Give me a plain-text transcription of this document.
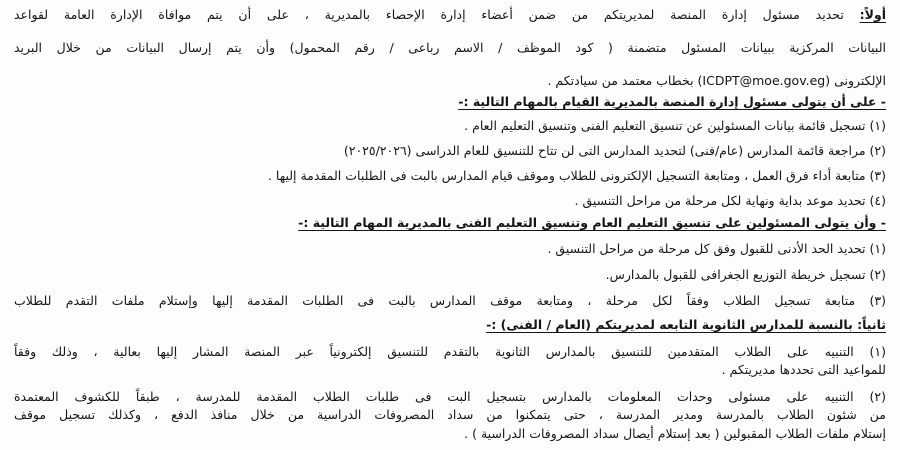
أولاً: تحديد مسئول إدارة المنصة لمديريتكم من ضمن أعضاء إدارة الإحصاء بالمديرية ، على أن يتم موافاة الإدارة العامة لقواعد
البيانات المركزية ببيانات المسئول متضمنة ( كود الموظف / الاسم رباعى / رقم المحمول) وأن يتم إرسال البيانات من خلال البريد
الإلكترونى (ICDPT@moe.gov.eg) بخطاب معتمد من سيادتكم .
- على أن يتولى مسئول إدارة المنصة بالمديرية القيام بالمهام التالية :-
(١) تسجيل قائمة بيانات المسئولين عن تنسيق التعليم الفنى وتنسيق التعليم العام .
(٢) مراجعة قائمة المدارس (عام/فنى) لتحديد المدارس التى لن تتاح للتنسيق للعام الدراسى (٢٠٢٥/٢٠٢٦)
(٣) متابعة أداء فرق العمل ، ومتابعة التسجيل الإلكترونى للطلاب وموقف قيام المدارس بالبت فى الطلبات المقدمة إليها .
(٤) تحديد موعد بداية ونهاية لكل مرحلة من مراحل التنسيق .
- وأن يتولى المسئولين على تنسيق التعليم العام وتنسيق التعليم الفنى بالمديرية المهام التالية :-
(١) تحديد الحد الأدنى للقبول وفق كل مرحلة من مراحل التنسيق .
(٢) تسجيل خريطة التوزيع الجغرافى للقبول بالمدارس.
(٣) متابعة تسجيل الطلاب وفقاً لكل مرحلة ، ومتابعة موقف المدارس بالبت فى الطلبات المقدمة إليها وإستلام ملفات التقدم للطلاب
ثانياً: بالنسبة للمدارس الثانوية التابعه لمديريتكم (العام / الفنى) :-
(١) التنبيه على الطلاب المتقدمين للتنسيق بالمدارس الثانوية بالتقدم للتنسيق إلكترونياً عبر المنصة المشار إليها بعالية ، وذلك وفقاً
للمواعيد التى تحددها مديريتكم .
(٢) التنبيه على مسئولى وحدات المعلومات بالمدارس بتسجيل البت فى طلبات الطلاب المقدمة للمدرسة ، طبقاً للكشوف المعتمدة
من شئون الطلاب بالمدرسة ومدير المدرسة ، حتى يتمكنوا من سداد المصروفات الدراسية من خلال منافذ الدفع ، وكذلك تسجيل موقف
إستلام ملفات الطلاب المقبولين ( بعد إستلام أيصال سداد المصروفات الدراسية ) .
